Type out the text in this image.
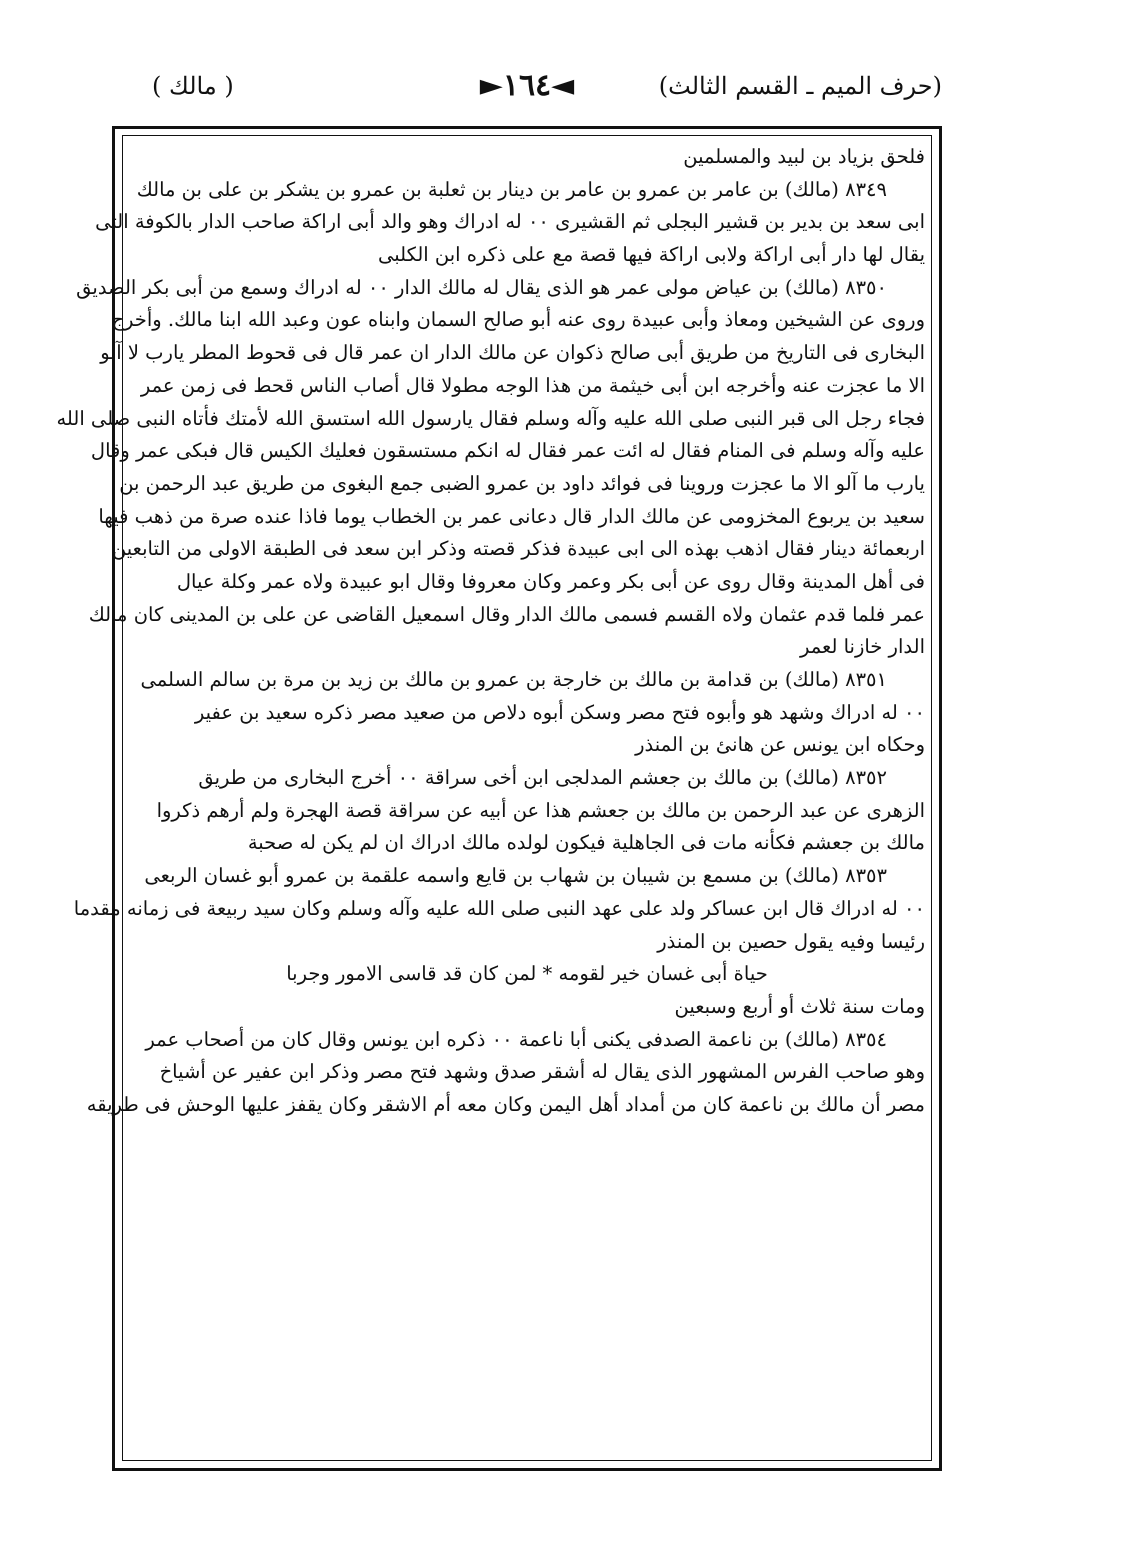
(حرف الميم ـ القسم الثالث)
◄١٦٤►
( مالك )
فلحق بزياد بن لبيد والمسلمين
٨٣٤٩ (مالك) بن عامر بن عمرو بن عامر بن دينار بن ثعلبة بن عمرو بن يشكر بن على بن مالك
ابى سعد بن بدير بن قشير البجلى ثم القشيرى ٠٠ له ادراك وهو والد أبى اراكة صاحب الدار بالكوفة التى
يقال لها دار أبى اراكة ولابى اراكة فيها قصة مع على ذكره ابن الكلبى
٨٣٥٠ (مالك) بن عياض مولى عمر هو الذى يقال له مالك الدار ٠٠ له ادراك وسمع من أبى بكر الصديق
وروى عن الشيخين ومعاذ وأبى عبيدة روى عنه أبو صالح السمان وابناه عون وعبد الله ابنا مالك. وأخرج
البخارى فى التاريخ من طريق أبى صالح ذكوان عن مالك الدار ان عمر قال فى قحوط المطر يارب لا آلو
الا ما عجزت عنه وأخرجه ابن أبى خيثمة من هذا الوجه مطولا قال أصاب الناس قحط فى زمن عمر
فجاء رجل الى قبر النبى صلى الله عليه وآله وسلم فقال يارسول الله استسق الله لأمتك فأتاه النبى صلى الله
عليه وآله وسلم فى المنام فقال له ائت عمر فقال له انكم مستسقون فعليك الكيس قال فبكى عمر وقال
يارب ما آلو الا ما عجزت وروينا فى فوائد داود بن عمرو الضبى جمع البغوى من طريق عبد الرحمن بن
سعيد بن يربوع المخزومى عن مالك الدار قال دعانى عمر بن الخطاب يوما فاذا عنده صرة من ذهب فيها
اربعمائة دينار فقال اذهب بهذه الى ابى عبيدة فذكر قصته وذكر ابن سعد فى الطبقة الاولى من التابعين
فى أهل المدينة وقال روى عن أبى بكر وعمر وكان معروفا وقال ابو عبيدة ولاه عمر وكلة عيال
عمر فلما قدم عثمان ولاه القسم فسمى مالك الدار وقال اسمعيل القاضى عن على بن المدينى كان مالك
الدار خازنا لعمر
٨٣٥١ (مالك) بن قدامة بن مالك بن خارجة بن عمرو بن مالك بن زيد بن مرة بن سالم السلمى
٠٠ له ادراك وشهد هو وأبوه فتح مصر وسكن أبوه دلاص من صعيد مصر ذكره سعيد بن عفير
وحكاه ابن يونس عن هانئ بن المنذر
٨٣٥٢ (مالك) بن مالك بن جعشم المدلجى ابن أخى سراقة ٠٠ أخرج البخارى من طريق
الزهرى عن عبد الرحمن بن مالك بن جعشم هذا عن أبيه عن سراقة قصة الهجرة ولم أرهم ذكروا
مالك بن جعشم فكأنه مات فى الجاهلية فيكون لولده مالك ادراك ان لم يكن له صحبة
٨٣٥٣ (مالك) بن مسمع بن شيبان بن شهاب بن قايع واسمه علقمة بن عمرو أبو غسان الربعى
٠٠ له ادراك قال ابن عساكر ولد على عهد النبى صلى الله عليه وآله وسلم وكان سيد ربيعة فى زمانه مقدما
رئيسا وفيه يقول حصين بن المنذر
حياة أبى غسان خير لقومه * لمن كان قد قاسى الامور وجربا
ومات سنة ثلاث أو أربع وسبعين
٨٣٥٤ (مالك) بن ناعمة الصدفى يكنى أبا ناعمة ٠٠ ذكره ابن يونس وقال كان من أصحاب عمر
وهو صاحب الفرس المشهور الذى يقال له أشقر صدق وشهد فتح مصر وذكر ابن عفير عن أشياخ
مصر أن مالك بن ناعمة كان من أمداد أهل اليمن وكان معه أم الاشقر وكان يقفز عليها الوحش فى طريقه
